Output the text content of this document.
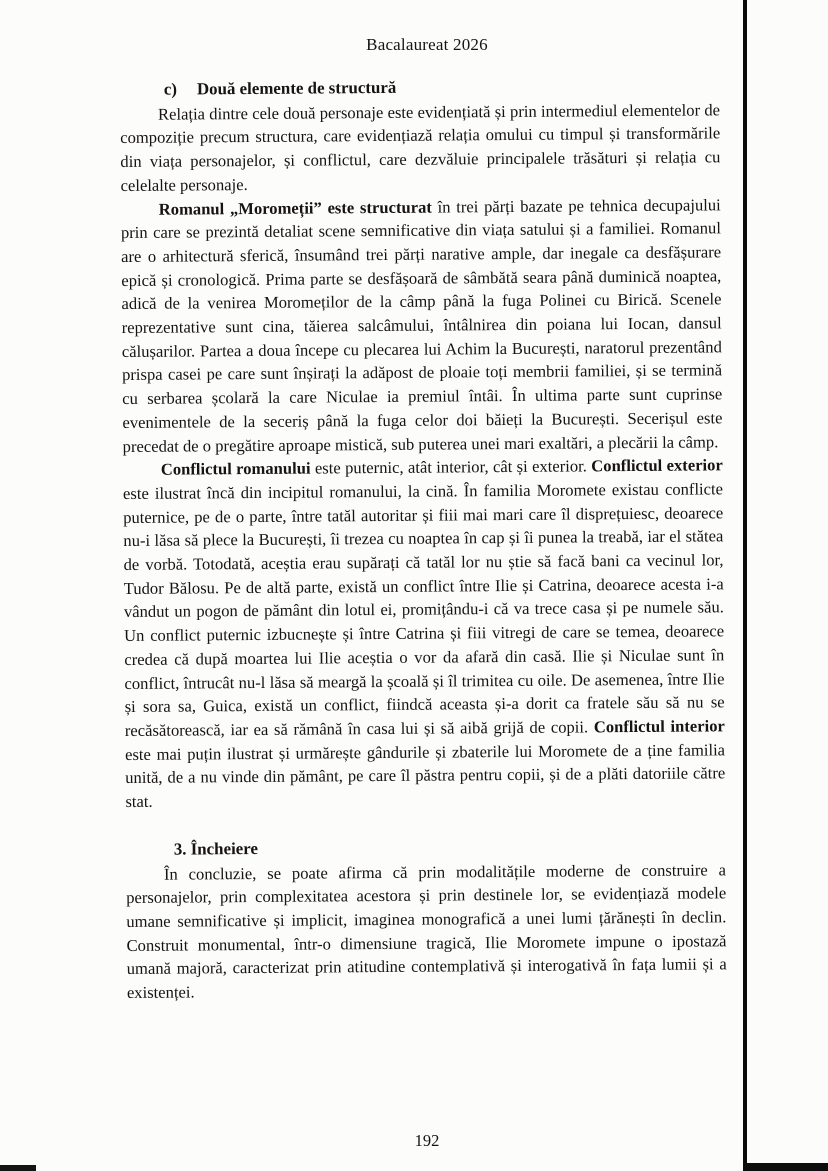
Bacalaureat 2026
c) Două elemente de structură

Relația dintre cele două personaje este evidențiată și prin intermediul elementelor de compoziție precum structura, care evidențiază relația omului cu timpul și transformările din viața personajelor, și conflictul, care dezvăluie principalele trăsături și relația cu celelalte personaje.

Romanul „Moromeții” este structurat în trei părți bazate pe tehnica decupajului prin care se prezintă detaliat scene semnificative din viața satului și a familiei. Romanul are o arhitectură sferică, însumând trei părți narative ample, dar inegale ca desfășurare epică și cronologică. Prima parte se desfășoară de sâmbătă seara până duminică noaptea, adică de la venirea Moromeților de la câmp până la fuga Polinei cu Birică. Scenele reprezentative sunt cina, tăierea salcâmului, întâlnirea din poiana lui Iocan, dansul călușarilor. Partea a doua începe cu plecarea lui Achim la București, naratorul prezentând prispa casei pe care sunt înșirați la adăpost de ploaie toți membrii familiei, și se termină cu serbarea școlară la care Niculae ia premiul întâi. În ultima parte sunt cuprinse evenimentele de la seceriș până la fuga celor doi băieți la București. Secerișul este precedat de o pregătire aproape mistică, sub puterea unei mari exaltări, a plecării la câmp.

Conflictul romanului este puternic, atât interior, cât și exterior. Conflictul exterior este ilustrat încă din incipitul romanului, la cină. În familia Moromete existau conflicte puternice, pe de o parte, între tatăl autoritar și fiii mai mari care îl disprețuiesc, deoarece nu-i lăsa să plece la București, îi trezea cu noaptea în cap și îi punea la treabă, iar el stătea de vorbă. Totodată, aceștia erau supărați că tatăl lor nu știe să facă bani ca vecinul lor, Tudor Bălosu. Pe de altă parte, există un conflict între Ilie și Catrina, deoarece acesta i-a vândut un pogon de pământ din lotul ei, promițându-i că va trece casa și pe numele său. Un conflict puternic izbucnește și între Catrina și fiii vitregi de care se temea, deoarece credea că după moartea lui Ilie aceștia o vor da afară din casă. Ilie și Niculae sunt în conflict, întrucât nu-l lăsa să meargă la școală și îl trimitea cu oile. De asemenea, între Ilie și sora sa, Guica, există un conflict, fiindcă aceasta și-a dorit ca fratele său să nu se recăsătorească, iar ea să rămână în casa lui și să aibă grijă de copii. Conflictul interior este mai puțin ilustrat și urmărește gândurile și zbaterile lui Moromete de a ține familia unită, de a nu vinde din pământ, pe care îl păstra pentru copii, și de a plăti datoriile către stat.

3. Încheiere

În concluzie, se poate afirma că prin modalitățile moderne de construire a personajelor, prin complexitatea acestora și prin destinele lor, se evidențiază modele umane semnificative și implicit, imaginea monografică a unei lumi țărănești în declin. Construit monumental, într-o dimensiune tragică, Ilie Moromete impune o ipostază umană majoră, caracterizat prin atitudine contemplativă și interogativă în fața lumii și a existenței.

192
